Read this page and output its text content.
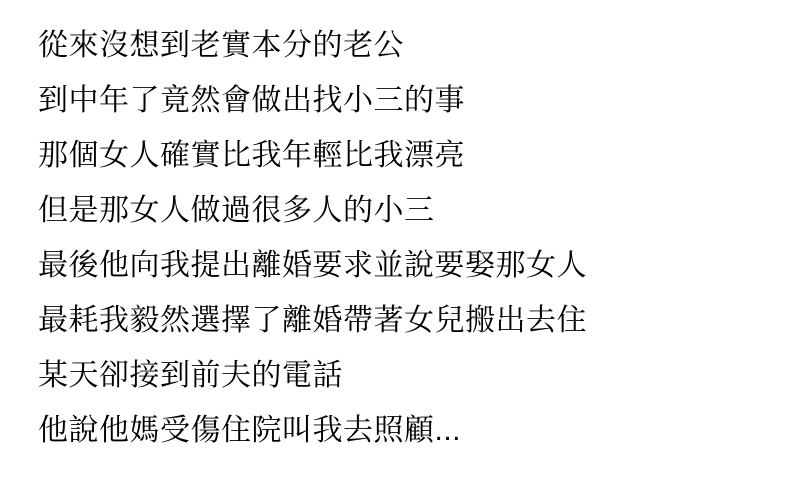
從來沒想到老實本分的老公
到中年了竟然會做出找小三的事
那個女人確實比我年輕比我漂亮
但是那女人做過很多人的小三
最後他向我提出離婚要求並說要娶那女人
最耗我毅然選擇了離婚帶著女兒搬出去住
某天卻接到前夫的電話
他說他媽受傷住院叫我去照顧...
